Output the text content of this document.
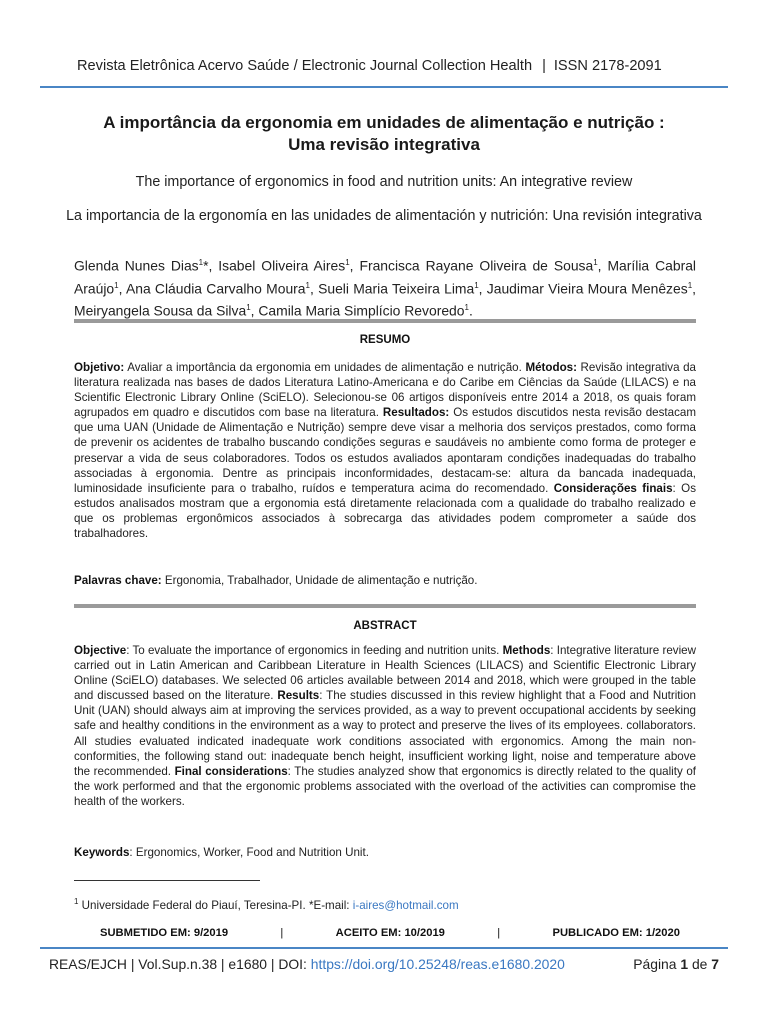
Revista Eletrônica Acervo Saúde / Electronic Journal Collection Health | ISSN 2178-2091
A importância da ergonomia em unidades de alimentação e nutrição :
Uma revisão integrativa
The importance of ergonomics in food and nutrition units: An integrative review
La importancia de la ergonomía en las unidades de alimentación y nutrición: Una revisión integrativa
Glenda Nunes Dias$^1$*, Isabel Oliveira Aires$^1$, Francisca Rayane Oliveira de Sousa$^1$, Marília Cabral Araújo$^1$, Ana Cláudia Carvalho Moura$^1$, Sueli Maria Teixeira Lima$^1$, Jaudimar Vieira Moura Menêzes$^1$, Meiryangela Sousa da Silva$^1$, Camila Maria Simplício Revoredo$^1$.
RESUMO
Objetivo: Avaliar a importância da ergonomia em unidades de alimentação e nutrição. Métodos: Revisão integrativa da literatura realizada nas bases de dados Literatura Latino-Americana e do Caribe em Ciências da Saúde (LILACS) e na Scientific Electronic Library Online (SciELO). Selecionou-se 06 artigos disponíveis entre 2014 a 2018, os quais foram agrupados em quadro e discutidos com base na literatura. Resultados: Os estudos discutidos nesta revisão destacam que uma UAN (Unidade de Alimentação e Nutrição) sempre deve visar a melhoria dos serviços prestados, como forma de prevenir os acidentes de trabalho buscando condições seguras e saudáveis no ambiente como forma de proteger e preservar a vida de seus colaboradores. Todos os estudos avaliados apontaram condições inadequadas do trabalho associadas à ergonomia. Dentre as principais inconformidades, destacam-se: altura da bancada inadequada, luminosidade insuficiente para o trabalho, ruídos e temperatura acima do recomendado. Considerações finais: Os estudos analisados mostram que a ergonomia está diretamente relacionada com a qualidade do trabalho realizado e que os problemas ergonômicos associados à sobrecarga das atividades podem comprometer a saúde dos trabalhadores.
Palavras chave: Ergonomia, Trabalhador, Unidade de alimentação e nutrição.
ABSTRACT
Objective: To evaluate the importance of ergonomics in feeding and nutrition units. Methods: Integrative literature review carried out in Latin American and Caribbean Literature in Health Sciences (LILACS) and Scientific Electronic Library Online (SciELO) databases. We selected 06 articles available between 2014 and 2018, which were grouped in the table and discussed based on the literature. Results: The studies discussed in this review highlight that a Food and Nutrition Unit (UAN) should always aim at improving the services provided, as a way to prevent occupational accidents by seeking safe and healthy conditions in the environment as a way to protect and preserve the lives of its employees. collaborators. All studies evaluated indicated inadequate work conditions associated with ergonomics. Among the main non-conformities, the following stand out: inadequate bench height, insufficient working light, noise and temperature above the recommended. Final considerations: The studies analyzed show that ergonomics is directly related to the quality of the work performed and that the ergonomic problems associated with the overload of the activities can compromise the health of the workers.
Keywords: Ergonomics, Worker, Food and Nutrition Unit.
$^1$ Universidade Federal do Piauí, Teresina-PI. *E-mail: i-aires@hotmail.com
SUBMETIDO EM: 9/2019	|	ACEITO EM: 10/2019	|	PUBLICADO EM: 1/2020
REAS/EJCH | Vol.Sup.n.38 | e1680 | DOI: https://doi.org/10.25248/reas.e1680.2020	Página 1 de 7
